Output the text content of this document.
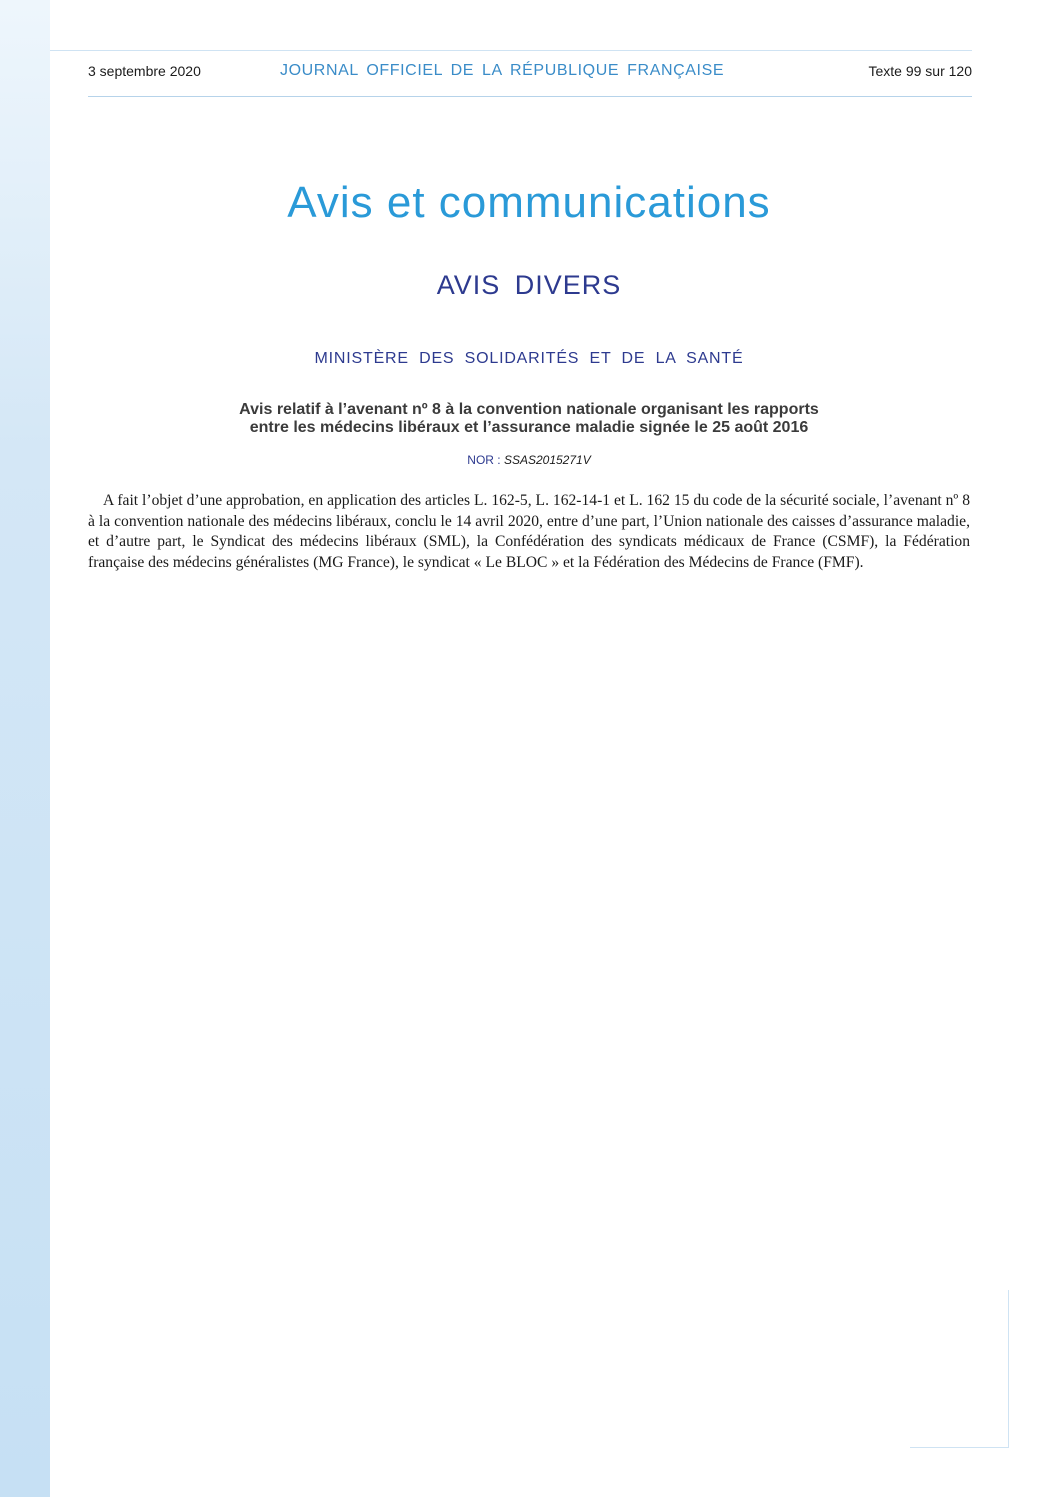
3 septembre 2020	JOURNAL OFFICIEL DE LA RÉPUBLIQUE FRANÇAISE	Texte 99 sur 120
Avis et communications
AVIS DIVERS
MINISTÈRE DES SOLIDARITÉS ET DE LA SANTÉ
Avis relatif à l’avenant nº 8 à la convention nationale organisant les rapports
entre les médecins libéraux et l’assurance maladie signée le 25 août 2016
NOR : SSAS2015271V

A fait l’objet d’une approbation, en application des articles L. 162-5, L. 162-14-1 et L. 162 15 du code de la sécurité sociale, l’avenant nº 8 à la convention nationale des médecins libéraux, conclu le 14 avril 2020, entre d’une part, l’Union nationale des caisses d’assurance maladie, et d’autre part, le Syndicat des médecins libéraux (SML), la Confédération des syndicats médicaux de France (CSMF), la Fédération française des médecins généralistes (MG France), le syndicat « Le BLOC » et la Fédération des Médecins de France (FMF).
